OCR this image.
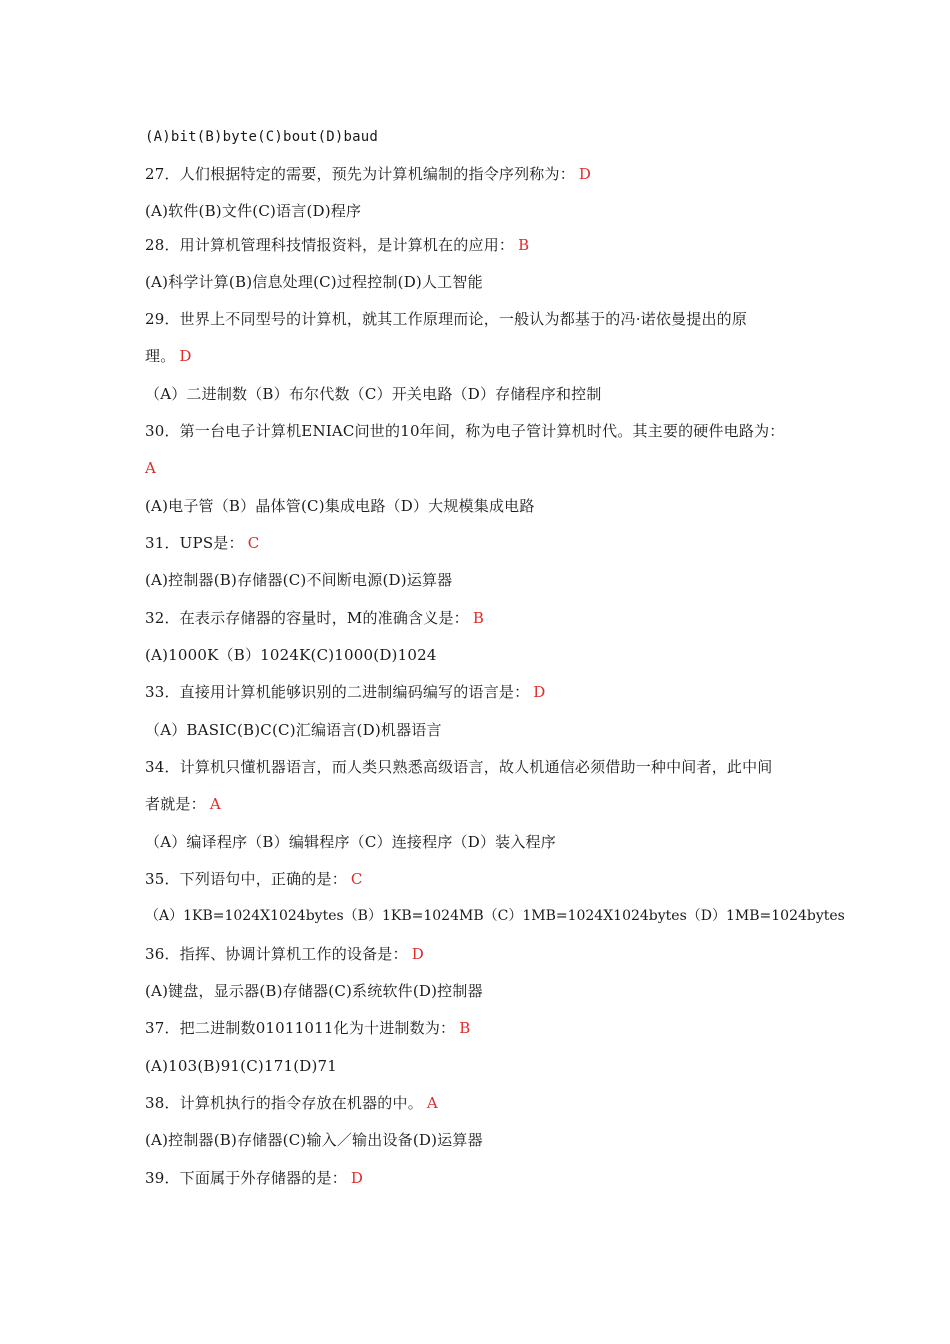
(A)bit(B)byte(C)bout(D)baud
27．人们根据特定的需要，预先为计算机编制的指令序列称为： D
(A)软件(B)文件(C)语言(D)程序
28．用计算机管理科技情报资料，是计算机在的应用： B
(A)科学计算(B)信息处理(C)过程控制(D)人工智能
29．世界上不同型号的计算机，就其工作原理而论，一般认为都基于的冯·诺依曼提出的原
理。 D
（A）二进制数（B）布尔代数（C）开关电路（D）存储程序和控制
30．第一台电子计算机ENIAC问世的10年间，称为电子管计算机时代。其主要的硬件电路为：
A
(A)电子管（B）晶体管(C)集成电路（D）大规模集成电路
31．UPS是： C
(A)控制器(B)存储器(C)不间断电源(D)运算器
32．在表示存储器的容量时，M的准确含义是： B
(A)1000K（B）1024K(C)1000(D)1024
33．直接用计算机能够识别的二进制编码编写的语言是： D
（A）BASIC(B)C(C)汇编语言(D)机器语言
34．计算机只懂机器语言，而人类只熟悉高级语言，故人机通信必须借助一种中间者，此中间
者就是： A
（A）编译程序（B）编辑程序（C）连接程序（D）装入程序
35．下列语句中，正确的是： C
（A）1KB=1024X1024bytes（B）1KB=1024MB（C）1MB=1024X1024bytes（D）1MB=1024bytes
36．指挥、协调计算机工作的设备是： D
(A)键盘，显示器(B)存储器(C)系统软件(D)控制器
37．把二进制数01011011化为十进制数为： B
(A)103(B)91(C)171(D)71
38．计算机执行的指令存放在机器的中。 A
(A)控制器(B)存储器(C)输入／输出设备(D)运算器
39．下面属于外存储器的是： D
